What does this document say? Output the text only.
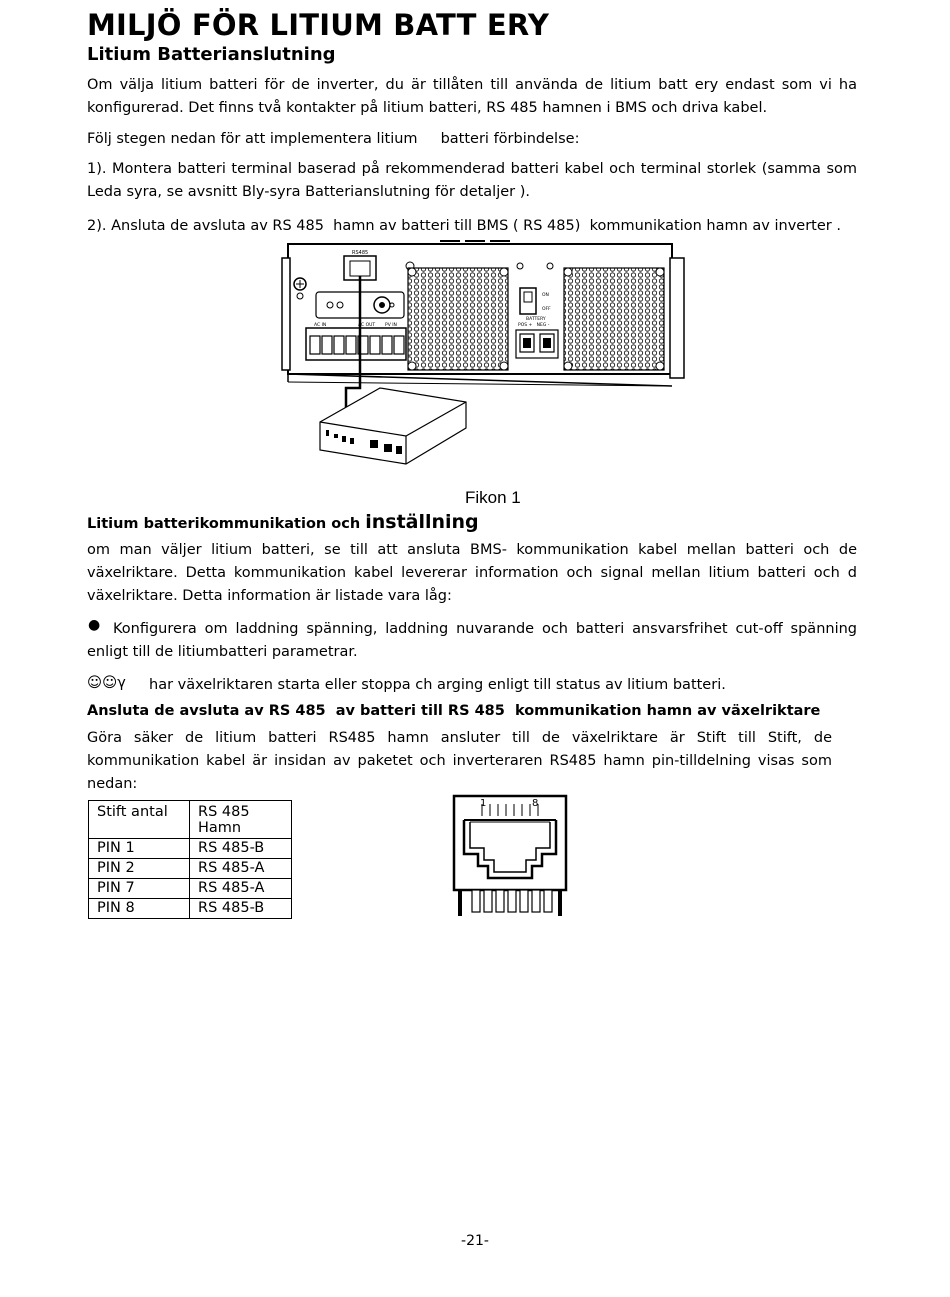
MILJÖ FÖR LITIUM BATT ERY
Litium Batterianslutning

Om välja litium batteri för de inverter, du är tillåten till använda de litium batt ery endast som vi ha konfigurerad. Det finns två kontakter på litium batteri, RS 485 hamnen i BMS och driva kabel.

Följ stegen nedan för att implementera litium     batteri förbindelse:

1). Montera batteri terminal baserad på rekommenderad batteri kabel och terminal storlek (samma som Leda syra, se avsnitt Bly-syra Batterianslutning för detaljer ).

2). Ansluta de avsluta av RS 485  hamn av batteri till BMS ( RS 485)  kommunikation hamn av inverter .

RS485
AC IN	AC OUT PV IN
ON
OFF
BATTERY
POS +   NEG -
Fikon 1
Litium batterikommunikation och inställning

om man väljer litium batteri, se till att ansluta BMS- kommunikation kabel mellan batteri och de växelriktare. Detta kommunikation kabel levererar information och signal mellan litium batteri och d växelriktare. Detta information är listade vara låg:

● Konfigurera om laddning spänning, laddning nuvarande och batteri ansvarsfrihet cut-off spänning enligt till de litiumbatteri parametrar.

☺☺γ har växelriktaren starta eller stoppa ch arging enligt till status av litium batteri.

Ansluta de avsluta av RS 485  av batteri till RS 485  kommunikation hamn av växelriktare

Göra säker de litium batteri RS485 hamn ansluter till de växelriktare är Stift till Stift, de kommunikation kabel är insidan av paketet och inverteraren RS485 hamn pin-tilldelning visas som nedan:

Stift antal	RS 485 Hamn
PIN 1	RS 485-B
PIN 2	RS 485-A
PIN 7	RS 485-A
PIN 8	RS 485-B
1	8
-21-
